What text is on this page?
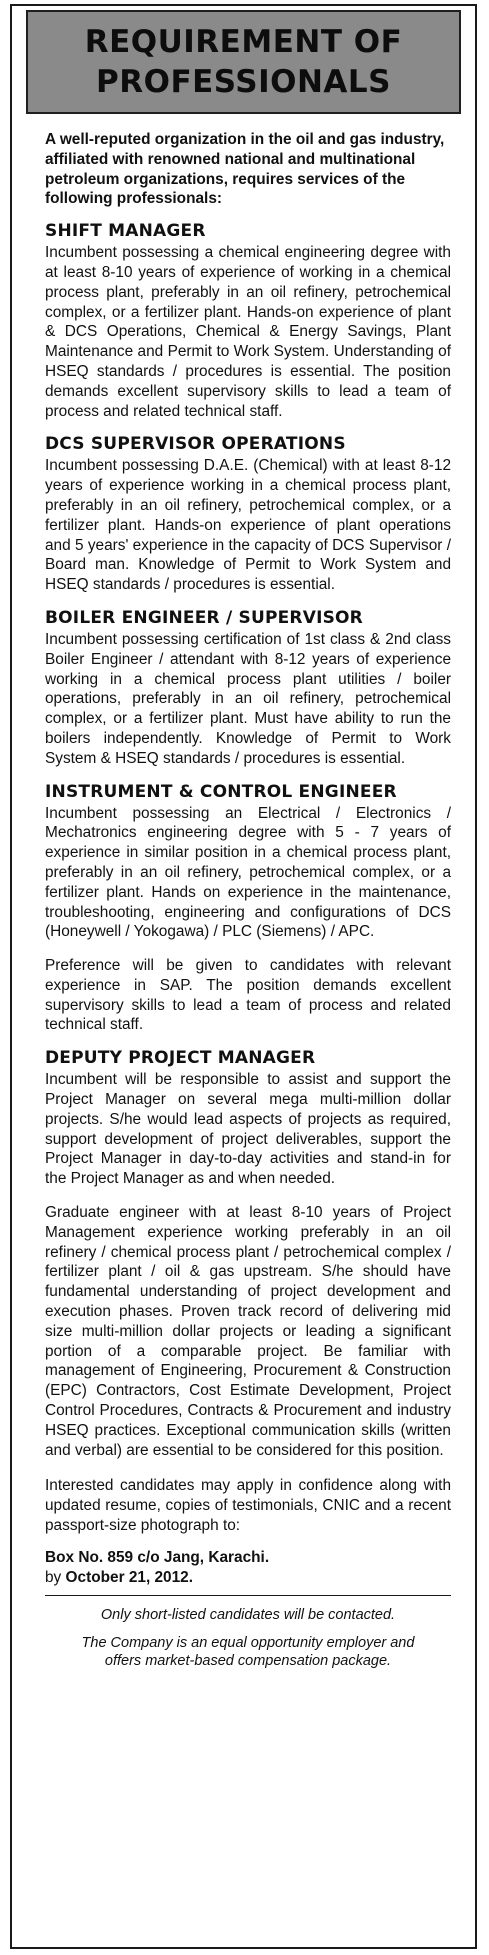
REQUIREMENT OF
PROFESSIONALS

A well-reputed organization in the oil and gas industry, affiliated with renowned national and multinational petroleum organizations, requires services of the following professionals:

SHIFT MANAGER

Incumbent possessing a chemical engineering degree with at least 8-10 years of experience of working in a chemical process plant, preferably in an oil refinery, petrochemical complex, or a fertilizer plant. Hands-on experience of plant & DCS Operations, Chemical & Energy Savings, Plant Maintenance and Permit to Work System. Understanding of HSEQ standards / procedures is essential. The position demands excellent supervisory skills to lead a team of process and related technical staff.

DCS SUPERVISOR OPERATIONS

Incumbent possessing D.A.E. (Chemical) with at least 8-12 years of experience working in a chemical process plant, preferably in an oil refinery, petrochemical complex, or a fertilizer plant. Hands-on experience of plant operations and 5 years' experience in the capacity of DCS Supervisor / Board man. Knowledge of Permit to Work System and HSEQ standards / procedures is essential.

BOILER ENGINEER / SUPERVISOR

Incumbent possessing certification of 1st class & 2nd class Boiler Engineer / attendant with 8-12 years of experience working in a chemical process plant utilities / boiler operations, preferably in an oil refinery, petrochemical complex, or a fertilizer plant. Must have ability to run the boilers independently. Knowledge of Permit to Work System & HSEQ standards / procedures is essential.

INSTRUMENT & CONTROL ENGINEER

Incumbent possessing an Electrical / Electronics / Mechatronics engineering degree with 5 - 7 years of experience in similar position in a chemical process plant, preferably in an oil refinery, petrochemical complex, or a fertilizer plant. Hands on experience in the maintenance, troubleshooting, engineering and configurations of DCS (Honeywell / Yokogawa) / PLC (Siemens) / APC.

Preference will be given to candidates with relevant experience in SAP. The position demands excellent supervisory skills to lead a team of process and related technical staff.

DEPUTY PROJECT MANAGER

Incumbent will be responsible to assist and support the Project Manager on several mega multi-million dollar projects. S/he would lead aspects of projects as required, support development of project deliverables, support the Project Manager in day-to-day activities and stand-in for the Project Manager as and when needed.

Graduate engineer with at least 8-10 years of Project Management experience working preferably in an oil refinery / chemical process plant / petrochemical complex / fertilizer plant / oil & gas upstream. S/he should have fundamental understanding of project development and execution phases. Proven track record of delivering mid size multi-million dollar projects or leading a significant portion of a comparable project. Be familiar with management of Engineering, Procurement & Construction (EPC) Contractors, Cost Estimate Development, Project Control Procedures, Contracts & Procurement and industry HSEQ practices. Exceptional communication skills (written and verbal) are essential to be considered for this position.

Interested candidates may apply in confidence along with updated resume, copies of testimonials, CNIC and a recent passport-size photograph to:

Box No. 859 c/o Jang, Karachi.

by October 21, 2012.

Only short-listed candidates will be contacted.

The Company is an equal opportunity employer and offers market-based compensation package.
